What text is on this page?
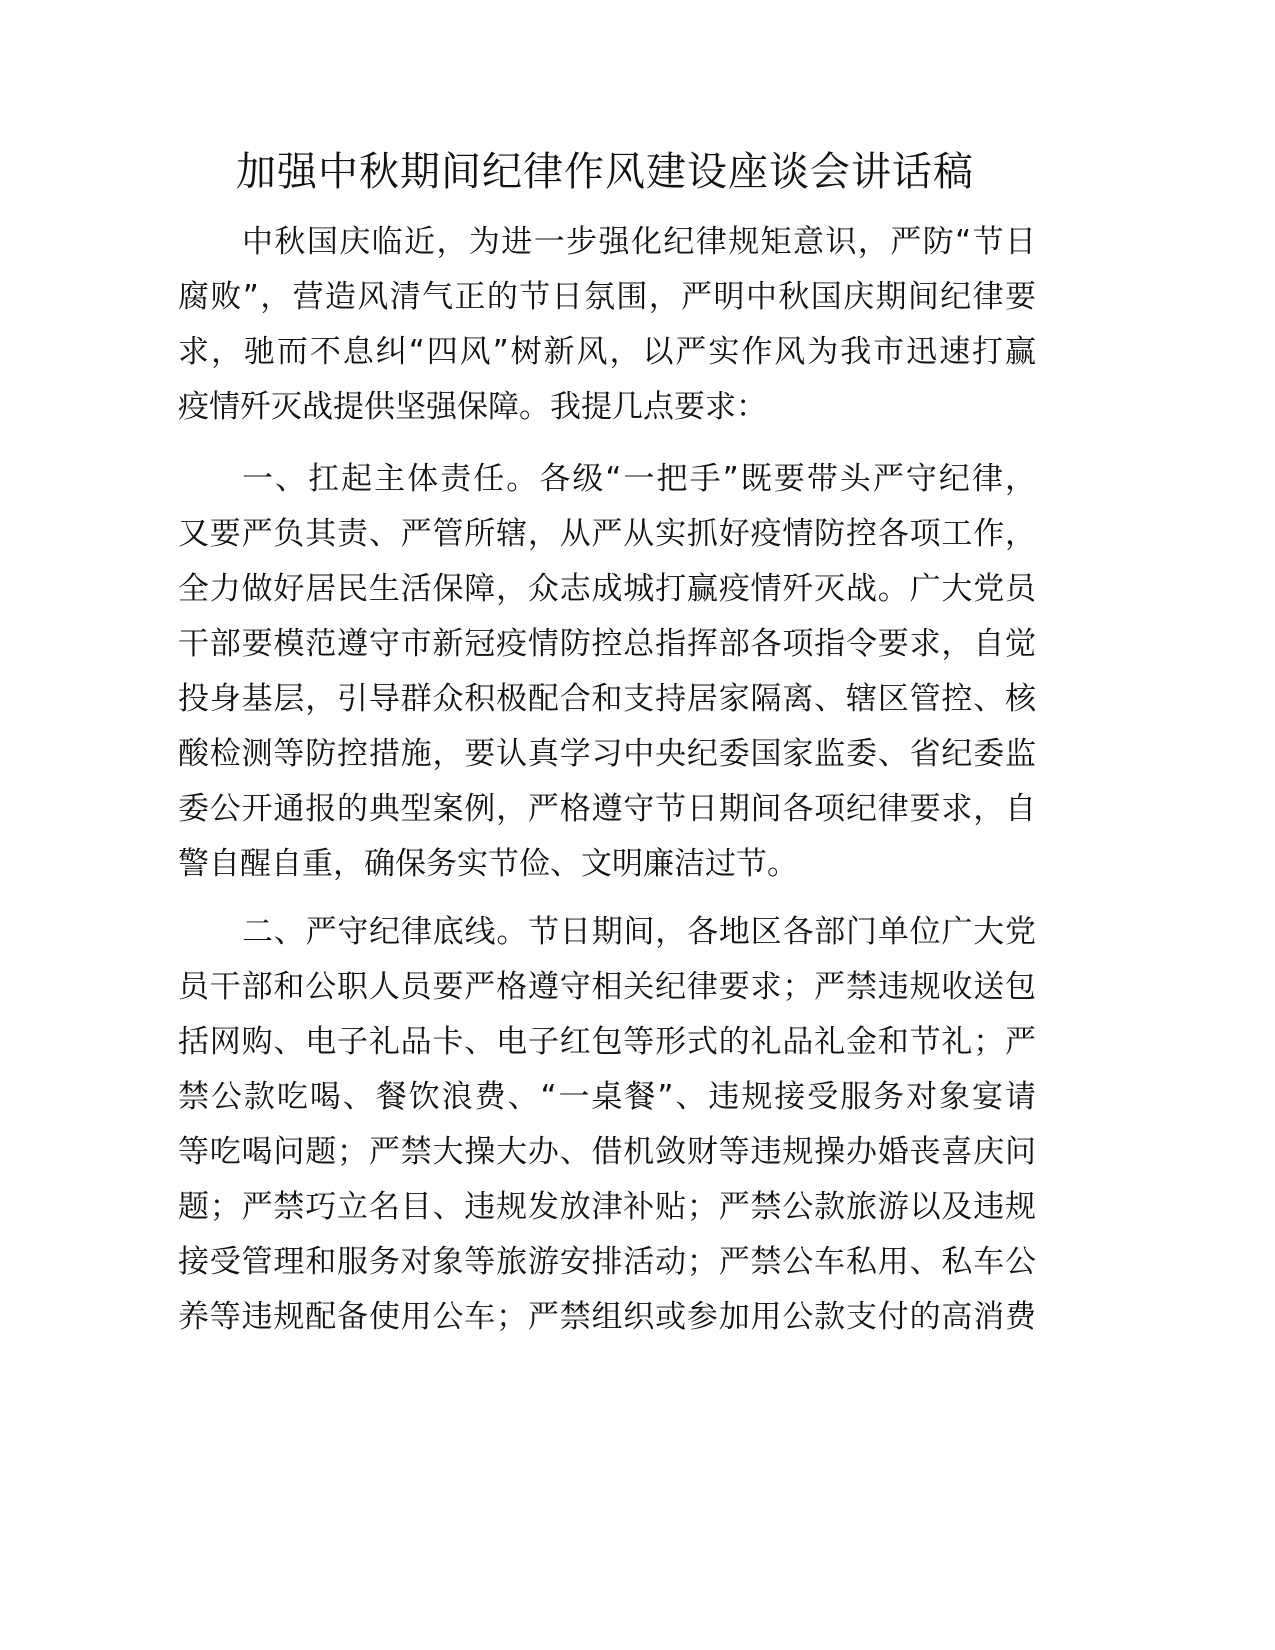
加强中秋期间纪律作风建设座谈会讲话稿
中秋国庆临近，为进一步强化纪律规矩意识，严防“节日
腐败”，营造风清气正的节日氛围，严明中秋国庆期间纪律要
求，驰而不息纠“四风”树新风，以严实作风为我市迅速打赢
疫情歼灭战提供坚强保障。我提几点要求：
一、扛起主体责任。各级“一把手”既要带头严守纪律，
又要严负其责、严管所辖，从严从实抓好疫情防控各项工作，
全力做好居民生活保障，众志成城打赢疫情歼灭战。广大党员
干部要模范遵守市新冠疫情防控总指挥部各项指令要求，自觉
投身基层，引导群众积极配合和支持居家隔离、辖区管控、核
酸检测等防控措施，要认真学习中央纪委国家监委、省纪委监
委公开通报的典型案例，严格遵守节日期间各项纪律要求，自
警自醒自重，确保务实节俭、文明廉洁过节。
二、严守纪律底线。节日期间，各地区各部门单位广大党
员干部和公职人员要严格遵守相关纪律要求；严禁违规收送包
括网购、电子礼品卡、电子红包等形式的礼品礼金和节礼；严
禁公款吃喝、餐饮浪费、“一桌餐”、违规接受服务对象宴请
等吃喝问题；严禁大操大办、借机敛财等违规操办婚丧喜庆问
题；严禁巧立名目、违规发放津补贴；严禁公款旅游以及违规
接受管理和服务对象等旅游安排活动；严禁公车私用、私车公
养等违规配备使用公车；严禁组织或参加用公款支付的高消费
